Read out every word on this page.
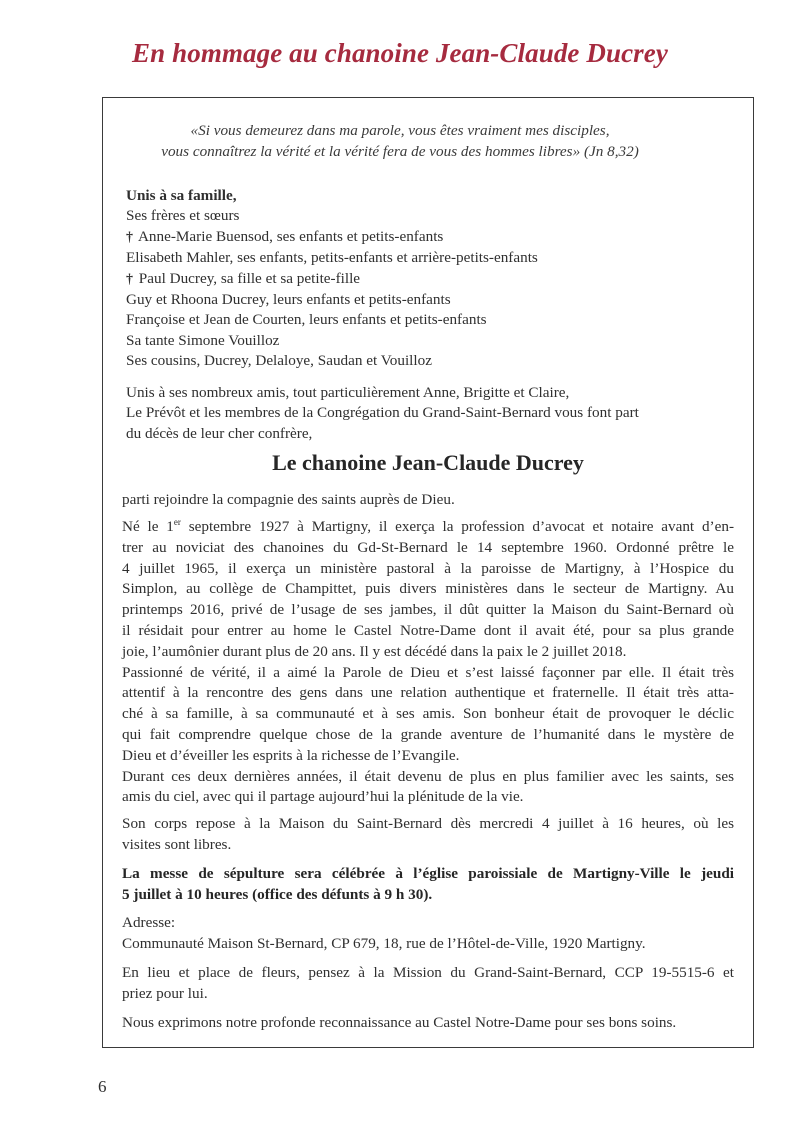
En hommage au chanoine Jean-Claude Ducrey
«Si vous demeurez dans ma parole, vous êtes vraiment mes disciples,
vous connaîtrez la vérité et la vérité fera de vous des hommes libres» (Jn 8,32)
Unis à sa famille,
Ses frères et sœurs
† Anne-Marie Buensod, ses enfants et petits-enfants
Elisabeth Mahler, ses enfants, petits-enfants et arrière-petits-enfants
† Paul Ducrey, sa fille et sa petite-fille
Guy et Rhoona Ducrey, leurs enfants et petits-enfants
Françoise et Jean de Courten, leurs enfants et petits-enfants
Sa tante Simone Vouilloz
Ses cousins, Ducrey, Delaloye, Saudan et Vouilloz
Unis à ses nombreux amis, tout particulièrement Anne, Brigitte et Claire,
Le Prévôt et les membres de la Congrégation du Grand-Saint-Bernard vous font part
du décès de leur cher confrère,
Le chanoine Jean-Claude Ducrey
parti rejoindre la compagnie des saints auprès de Dieu.
Né le 1er septembre 1927 à Martigny, il exerça la profession d’avocat et notaire avant d’en-
trer au noviciat des chanoines du Gd-St-Bernard le 14 septembre 1960. Ordonné prêtre le
4 juillet 1965, il exerça un ministère pastoral à la paroisse de Martigny, à l’Hospice du
Simplon, au collège de Champittet, puis divers ministères dans le secteur de Martigny. Au
printemps 2016, privé de l’usage de ses jambes, il dût quitter la Maison du Saint-Bernard où
il résidait pour entrer au home le Castel Notre-Dame dont il avait été, pour sa plus grande
joie, l’aumônier durant plus de 20 ans. Il y est décédé dans la paix le 2 juillet 2018.
Passionné de vérité, il a aimé la Parole de Dieu et s’est laissé façonner par elle. Il était très
attentif à la rencontre des gens dans une relation authentique et fraternelle. Il était très atta-
ché à sa famille, à sa communauté et à ses amis. Son bonheur était de provoquer le déclic
qui fait comprendre quelque chose de la grande aventure de l’humanité dans le mystère de
Dieu et d’éveiller les esprits à la richesse de l’Evangile.
Durant ces deux dernières années, il était devenu de plus en plus familier avec les saints, ses
amis du ciel, avec qui il partage aujourd’hui la plénitude de la vie.
Son corps repose à la Maison du Saint-Bernard dès mercredi 4 juillet à 16 heures, où les
visites sont libres.
La messe de sépulture sera célébrée à l’église paroissiale de Martigny-Ville le jeudi
5 juillet à 10 heures (office des défunts à 9 h 30).
Adresse:
Communauté Maison St-Bernard, CP 679, 18, rue de l’Hôtel-de-Ville, 1920 Martigny.
En lieu et place de fleurs, pensez à la Mission du Grand-Saint-Bernard, CCP 19-5515-6 et
priez pour lui.
Nous exprimons notre profonde reconnaissance au Castel Notre-Dame pour ses bons soins.
6
